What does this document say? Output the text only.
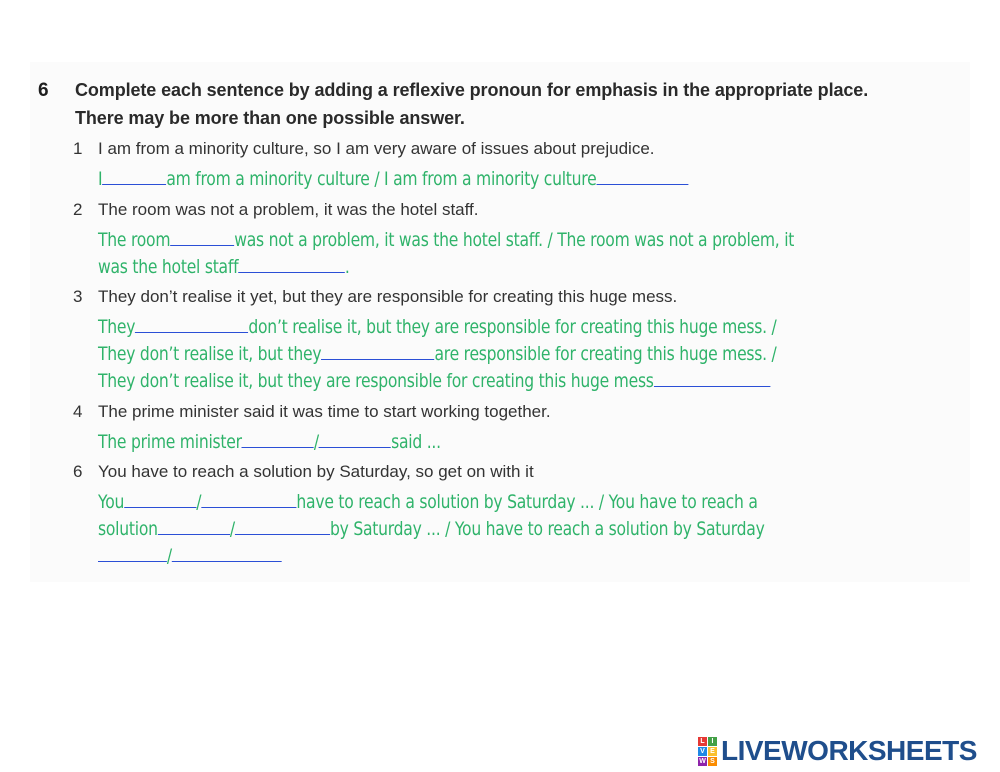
6 Complete each sentence by adding a reflexive pronoun for emphasis in the appropriate place.
There may be more than one possible answer.
1 I am from a minority culture, so I am very aware of issues about prejudice.
I	am from a minority culture / I am from a minority culture
2 The room was not a problem, it was the hotel staff.
The room	was not a problem, it was the hotel staff. / The room was not a problem, it
was the hotel staff	.
3 They don’t realise it yet, but they are responsible for creating this huge mess.
They	don’t realise it, but they are responsible for creating this huge mess. /
They don’t realise it, but they	are responsible for creating this huge mess. /
They don’t realise it, but they are responsible for creating this huge mess
4 The prime minister said it was time to start working together.
The prime minister	/	said ...
6 You have to reach a solution by Saturday, so get on with it
You	/	have to reach a solution by Saturday ... / You have to reach a
solution	/	by Saturday ... / You have to reach a solution by Saturday
/
L I
V E
W S LIVEWORKSHEETS
